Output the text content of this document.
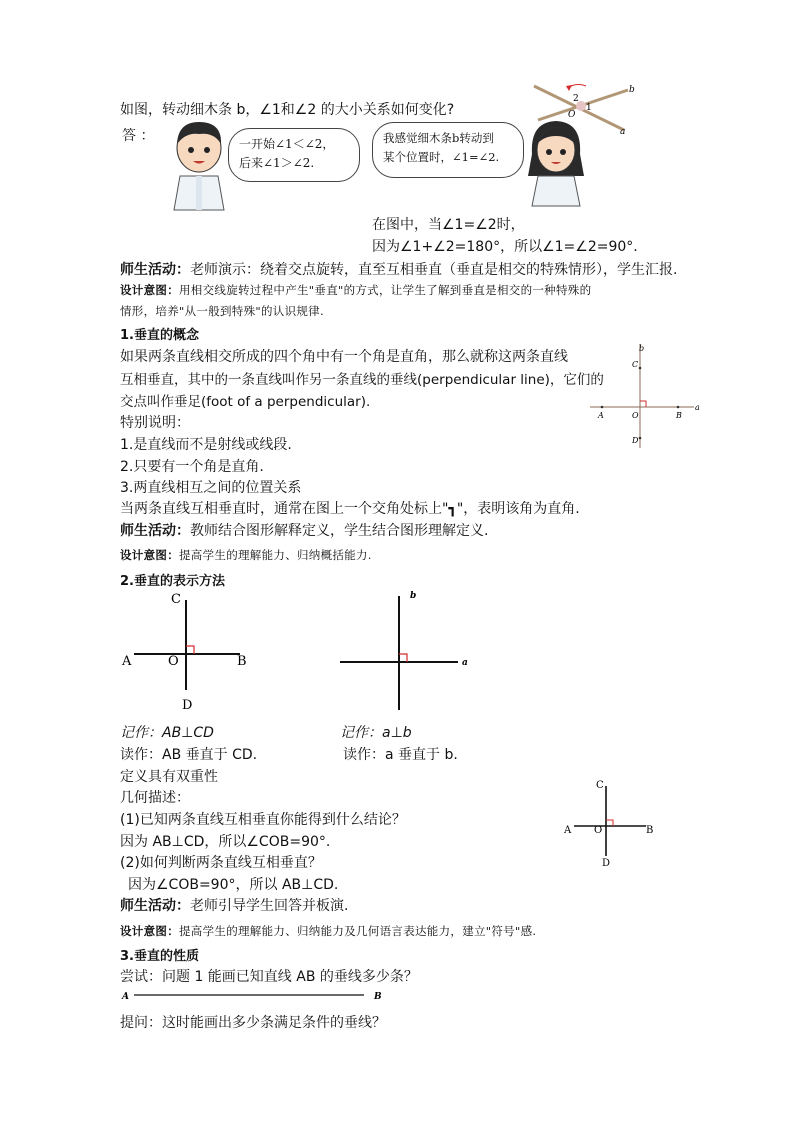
如图，转动细木条 b，∠1和∠2 的大小关系如何变化?
b
a
O
1
2
答 ：	一开始∠1＜∠2，
后来∠1＞∠2.
我感觉细木条b转动到
某个位置时，∠1=∠2.
在图中，当∠1=∠2时，
因为∠1+∠2=180°，所以∠1=∠2=90°.
师生活动：老师演示：绕着交点旋转，直至互相垂直（垂直是相交的特殊情形），学生汇报.
设计意图：用相交线旋转过程中产生"垂直"的方式，让学生了解到垂直是相交的一种特殊的
情形，培养"从一般到特殊"的认识规律.
1.垂直的概念
如果两条直线相交所成的四个角中有一个角是直角，那么就称这两条直线
互相垂直，其中的一条直线叫作另一条直线的垂线(perpendicular line)，它们的
交点叫作垂足(foot of a perpendicular).
b
C
A	O	B
a
D
特别说明：
1.是直线而不是射线或线段.
2.只要有一个角是直角.
3.两直线相互之间的位置关系
当两条直线互相垂直时，通常在图上一个交角处标上"┓"，表明该角为直角.
师生活动：教师结合图形解释定义，学生结合图形理解定义.
设计意图：提高学生的理解能力、归纳概括能力.
2.垂直的表示方法
C
A	O	B
D
b
a
记作：AB⊥CD	记作：a⊥b
读作：AB 垂直于 CD.	读作：a 垂直于 b.
定义具有双重性
几何描述：
C
A O	B
D
(1)已知两条直线互相垂直你能得到什么结论？
因为 AB⊥CD，所以∠COB=90°.
(2)如何判断两条直线互相垂直？
因为∠COB=90°，所以 AB⊥CD.
师生活动：老师引导学生回答并板演.
设计意图：提高学生的理解能力、归纳能力及几何语言表达能力，建立"符号"感.
3.垂直的性质
尝试：问题 1 能画已知直线 AB 的垂线多少条？
A	B
提问：这时能画出多少条满足条件的垂线？
